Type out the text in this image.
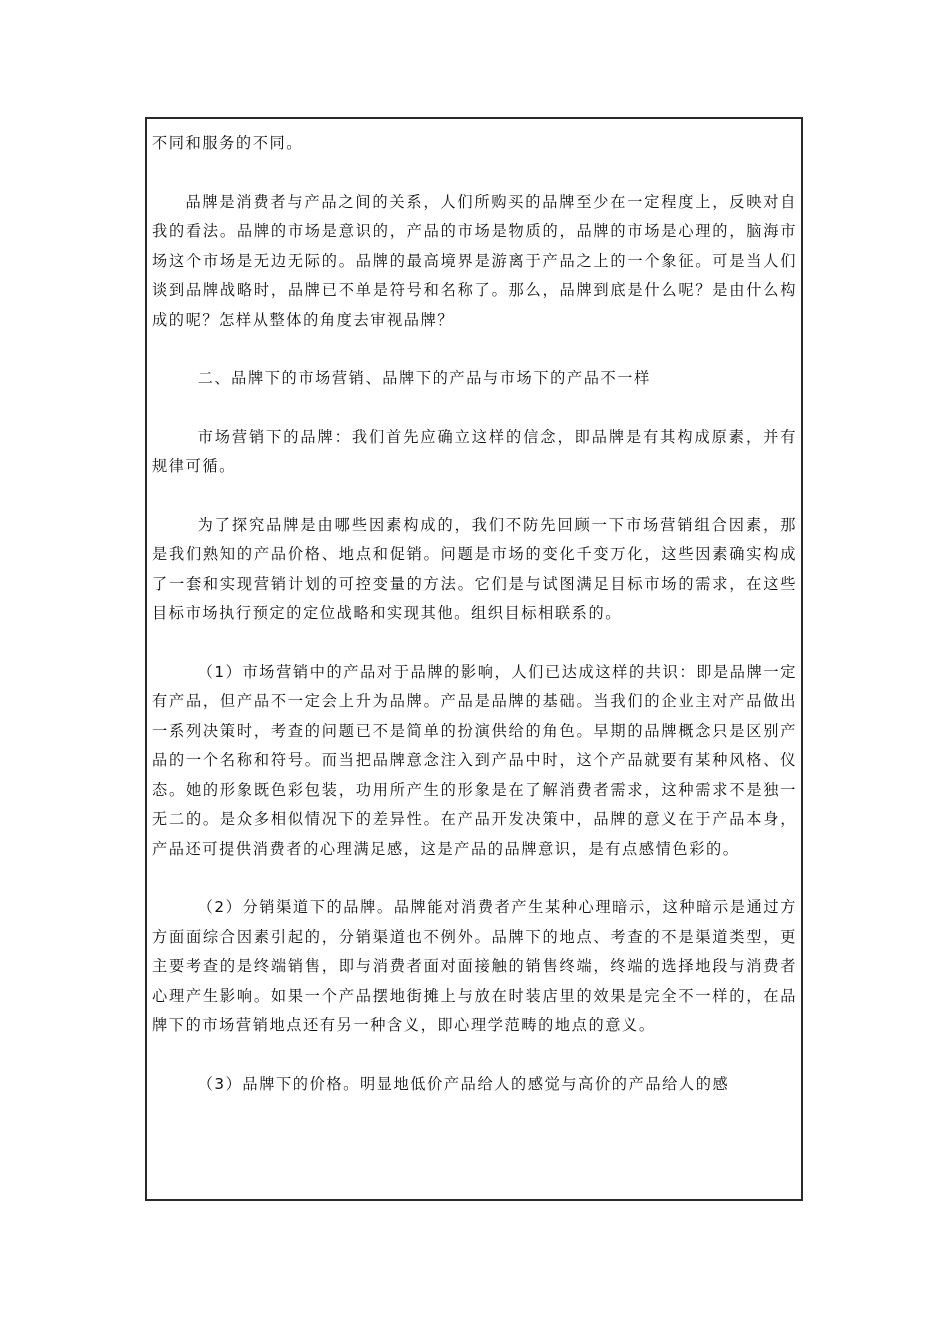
不同和服务的不同。

品牌是消费者与产品之间的关系，人们所购买的品牌至少在一定程度上，反映对自我的看法。品牌的市场是意识的，产品的市场是物质的，品牌的市场是心理的，脑海市场这个市场是无边无际的。品牌的最高境界是游离于产品之上的一个象征。可是当人们谈到品牌战略时，品牌已不单是符号和名称了。那么，品牌到底是什么呢？是由什么构成的呢？怎样从整体的角度去审视品牌？

二、品牌下的市场营销、品牌下的产品与市场下的产品不一样

市场营销下的品牌：我们首先应确立这样的信念，即品牌是有其构成原素，并有规律可循。

为了探究品牌是由哪些因素构成的，我们不防先回顾一下市场营销组合因素，那是我们熟知的产品价格、地点和促销。问题是市场的变化千变万化，这些因素确实构成了一套和实现营销计划的可控变量的方法。它们是与试图满足目标市场的需求，在这些目标市场执行预定的定位战略和实现其他。组织目标相联系的。

（1）市场营销中的产品对于品牌的影响，人们已达成这样的共识：即是品牌一定有产品，但产品不一定会上升为品牌。产品是品牌的基础。当我们的企业主对产品做出一系列决策时，考查的问题已不是简单的扮演供给的角色。早期的品牌概念只是区别产品的一个名称和符号。而当把品牌意念注入到产品中时，这个产品就要有某种风格、仪态。她的形象既色彩包装，功用所产生的形象是在了解消费者需求，这种需求不是独一无二的。是众多相似情况下的差异性。在产品开发决策中，品牌的意义在于产品本身，产品还可提供消费者的心理满足感，这是产品的品牌意识，是有点感情色彩的。

（2）分销渠道下的品牌。品牌能对消费者产生某种心理暗示，这种暗示是通过方方面面综合因素引起的，分销渠道也不例外。品牌下的地点、考查的不是渠道类型，更主要考查的是终端销售，即与消费者面对面接触的销售终端，终端的选择地段与消费者心理产生影响。如果一个产品摆地街摊上与放在时装店里的效果是完全不一样的，在品牌下的市场营销地点还有另一种含义，即心理学范畴的地点的意义。

（3）品牌下的价格。明显地低价产品给人的感觉与高价的产品给人的感
